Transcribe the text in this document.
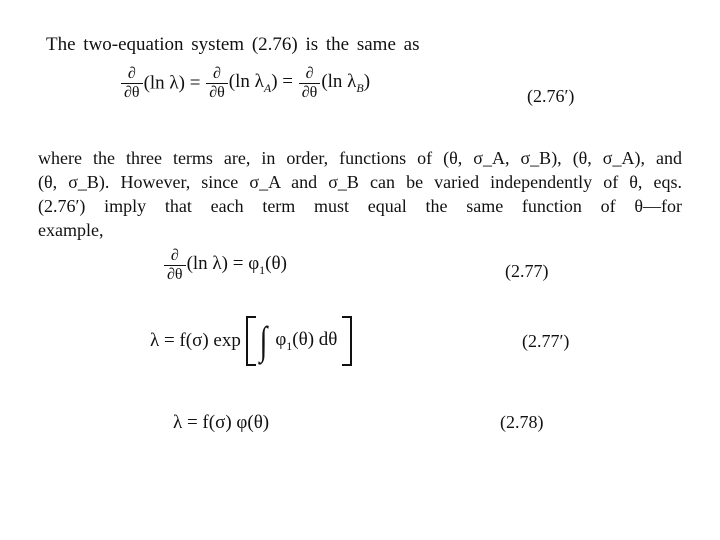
The two-equation system (2.76) is the same as
$\frac{\partial}{\partial\theta} (\ln$ $\lambda) = \frac{\partial}{\partial\theta} (\ln$ $\lambda_A) = \frac{\partial}{\partial\theta} (\ln$ $\lambda_B$)
(2.76′)
where the three terms are, in order, functions of (θ, σ_A, σ_B), (θ, σ_A), and
(θ, σ_B). However, since σ_A and σ_B can be varied independently of θ, eqs.
(2.76′) imply that each term must equal the same function of θ—for
example,
$\frac{\partial}{\partial\theta} (\ln$ $\lambda) = \varphi_1(\theta)$	(2.77)
λ = f(σ) exp ∫ $\varphi_1(\theta)$ dθ	(2.77′)
λ = f(σ) φ(θ)	(2.78)
